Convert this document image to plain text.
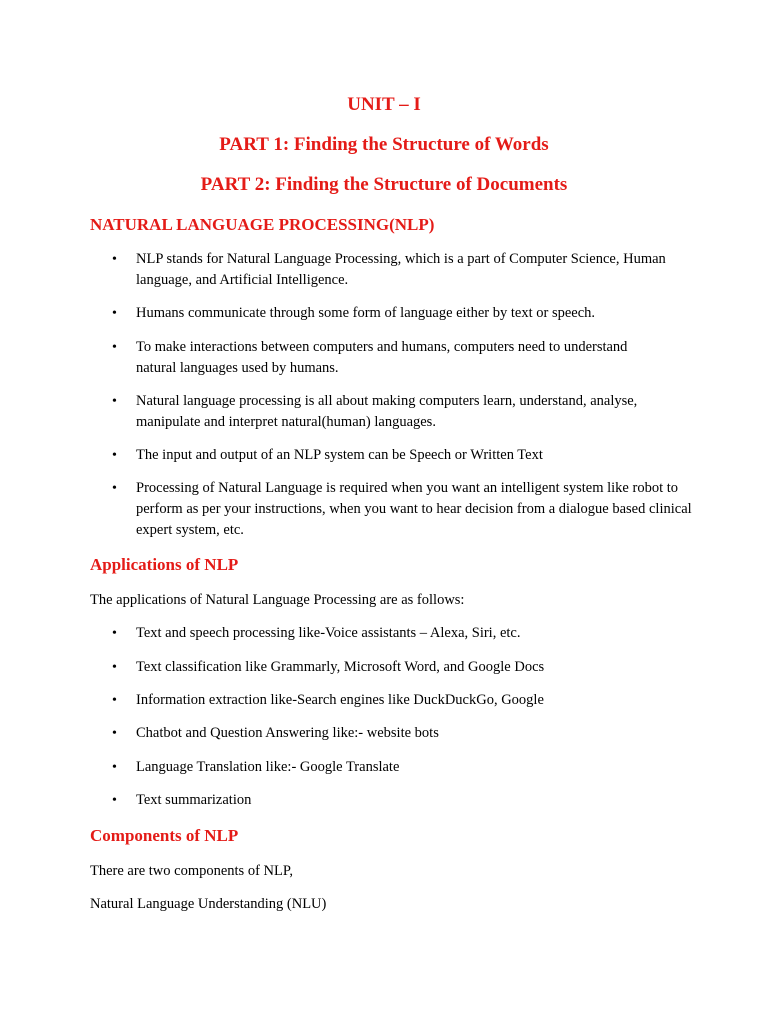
UNIT – I
PART 1: Finding the Structure of Words
PART 2: Finding the Structure of Documents
NATURAL LANGUAGE PROCESSING(NLP)
•	NLP stands for Natural Language Processing, which is a part of Computer Science, Human language, and Artificial Intelligence.
•	Humans communicate through some form of language either by text or speech.
•	To make interactions between computers and humans, computers need to understand natural languages used by humans.
•	Natural language processing is all about making computers learn, understand, analyse, manipulate and interpret natural(human) languages.
•	The input and output of an NLP system can be Speech or Written Text
•	Processing of Natural Language is required when you want an intelligent system like robot to perform as per your instructions, when you want to hear decision from a dialogue based clinical expert system, etc.
Applications of NLP

The applications of Natural Language Processing are as follows:

•	Text and speech processing like-Voice assistants – Alexa, Siri, etc.
•	Text classification like Grammarly, Microsoft Word, and Google Docs
•	Information extraction like-Search engines like DuckDuckGo, Google
•	Chatbot and Question Answering like:- website bots
•	Language Translation like:- Google Translate
•	Text summarization
Components of NLP

There are two components of NLP,

Natural Language Understanding (NLU)
